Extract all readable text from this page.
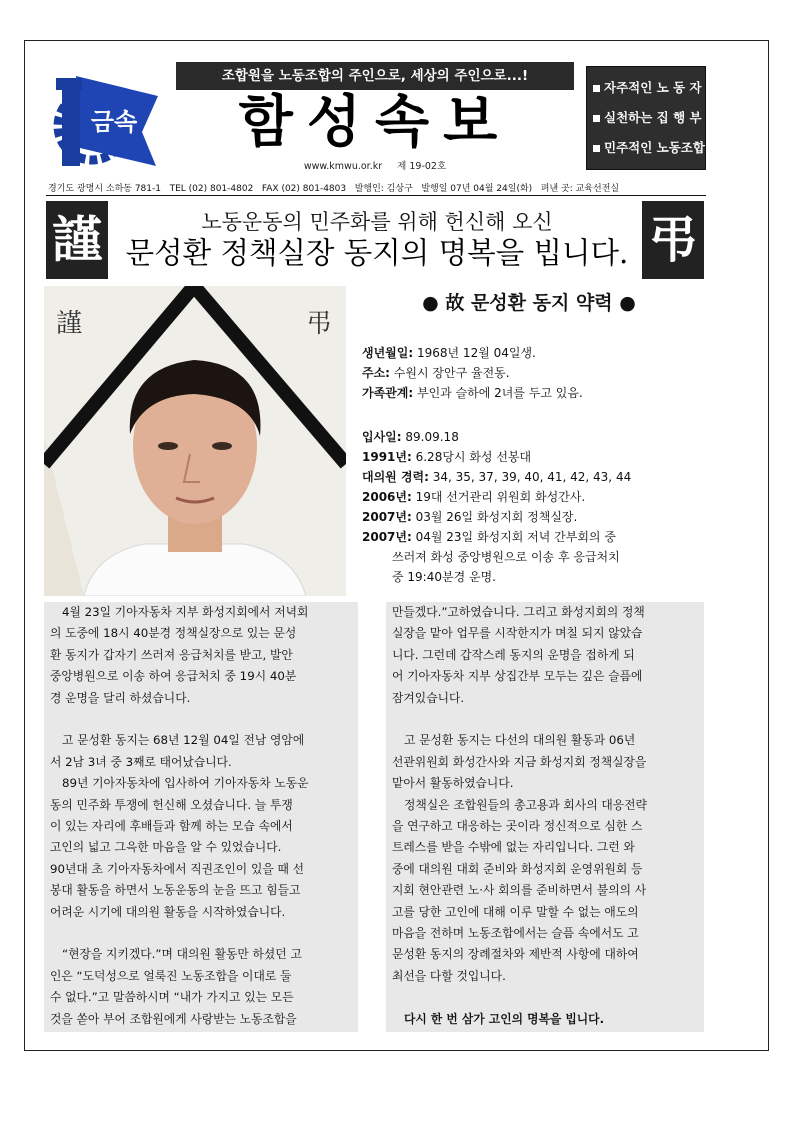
금속
조합원을 노동조합의 주인으로, 세상의 주인으로...!
함성속보
www.kmwu.or.kr 제 19-02호
자주적인 노 동 자
실천하는 집 행 부
민주적인 노동조합
경기도 광명시 소하동 781-1 TEL (02) 801-4802 FAX (02) 801-4803 발행인: 김상구 발행일 07년 04월 24일(화) 펴낸 곳: 교육선전실
謹	弔
노동운동의 민주화를 위해 헌신해 오신
문성환 정책실장 동지의 명복을 빕니다.
謹	弔
● 故 문성환 동지 약력 ●
생년월일: 1968년 12월 04일생.
주소: 수원시 장안구 율전동.
가족관계: 부인과 슬하에 2녀를 두고 있음.
입사일: 89.09.18
1991년: 6.28당시 화성 선봉대
대의원 경력: 34, 35, 37, 39, 40, 41, 42, 43, 44
2006년: 19대 선거관리 위원회 화성간사.
2007년: 03월 26일 화성지회 정책실장.
2007년: 04월 23일 화성지회 저녁 간부회의 중
쓰러져 화성 중앙병원으로 이송 후 응급처치
중 19:40분경 운명.

4월 23일 기아자동차 지부 화성지회에서 저녁회

의 도중에 18시 40분경 정책실장으로 있는 문성

환 동지가 갑자기 쓰러져 응급처치를 받고, 발안

중앙병원으로 이송 하여 응급처치 중 19시 40분

경 운명을 달리 하셨습니다.

고 문성환 동지는 68년 12월 04일 전남 영암에

서 2남 3녀 중 3째로 태어났습니다.

89년 기아자동차에 입사하여 기아자동차 노동운

동의 민주화 투쟁에 헌신해 오셨습니다. 늘 투쟁

이 있는 자리에 후배들과 함께 하는 모습 속에서

고인의 넓고 그윽한 마음을 알 수 있었습니다.

90년대 초 기아자동차에서 직권조인이 있을 때 선

봉대 활동을 하면서 노동운동의 눈을 뜨고 힘들고

어려운 시기에 대의원 활동을 시작하였습니다.

“현장을 지키겠다.”며 대의원 활동만 하셨던 고

인은 “도덕성으로 얼룩진 노동조합을 이대로 둘

수 없다.”고 말씀하시며 “내가 가지고 있는 모든

것을 쏟아 부어 조합원에게 사랑받는 노동조합을

만들겠다.”고하였습니다. 그리고 화성지회의 정책

실장을 맡아 업무를 시작한지가 며칠 되지 않았습

니다. 그런데 갑작스레 동지의 운명을 접하게 되

어 기아자동차 지부 상집간부 모두는 깊은 슬픔에

잠겨있습니다.

고 문성환 동지는 다선의 대의원 활동과 06년

선관위원회 화성간사와 지금 화성지회 정책실장을

맡아서 활동하였습니다.

정책실은 조합원들의 총고용과 회사의 대응전략

을 연구하고 대응하는 곳이라 정신적으로 심한 스

트레스를 받을 수밖에 없는 자리입니다. 그런 와

중에 대의원 대회 준비와 화성지회 운영위원회 등

지회 현안관련 노·사 회의를 준비하면서 불의의 사

고를 당한 고인에 대해 이루 말할 수 없는 애도의

마음을 전하며 노동조합에서는 슬픔 속에서도 고

문성환 동지의 장례절차와 제반적 사항에 대하여

최선을 다할 것입니다.

다시 한 번 삼가 고인의 명복을 빕니다.
